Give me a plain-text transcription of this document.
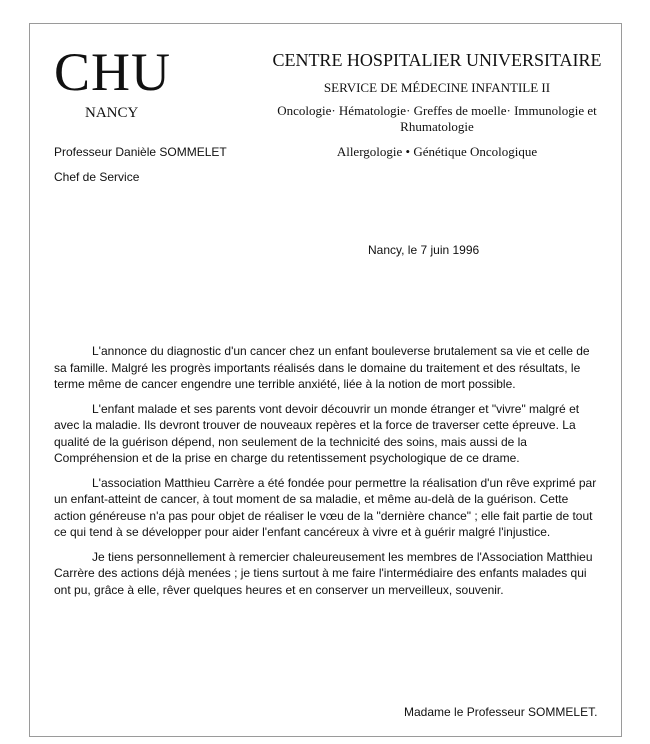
CHU
NANCY
Professeur Danièle SOMMELET
Chef de Service
CENTRE HOSPITALIER UNIVERSITAIRE
SERVICE DE MÉDECINE INFANTILE II
Oncologie· Hématologie· Greffes de moelle· Immunologie et Rhumatologie
Allergologie • Génétique Oncologique
Nancy, le 7 juin 1996

L'annonce du diagnostic d'un cancer chez un enfant bouleverse brutalement sa vie et celle de sa famille. Malgré les progrès importants réalisés dans le domaine du traitement et des résultats, le terme même de cancer engendre une terrible anxiété, liée à la notion de mort possible.

L'enfant malade et ses parents vont devoir découvrir un monde étranger et "vivre" malgré et avec la maladie. Ils devront trouver de nouveaux repères et la force de traverser cette épreuve. La qualité de la guérison dépend, non seulement de la technicité des soins, mais aussi de la Compréhension et de la prise en charge du retentissement psychologique de ce drame.

L'association Matthieu Carrère a été fondée pour permettre la réalisation d'un rêve exprimé par un enfant-atteint de cancer, à tout moment de sa maladie, et même au-delà de la guérison. Cette action généreuse n'a pas pour objet de réaliser le vœu de la "dernière chance" ; elle fait partie de tout ce qui tend à se développer pour aider l'enfant cancéreux à vivre et à guérir malgré l'injustice.

Je tiens personnellement à remercier chaleureusement les membres de l'Association Matthieu Carrère des actions déjà menées ; je tiens surtout à me faire l'intermédiaire des enfants malades qui ont pu, grâce à elle, rêver quelques heures et en conserver un merveilleux, souvenir.

Madame le Professeur SOMMELET.
